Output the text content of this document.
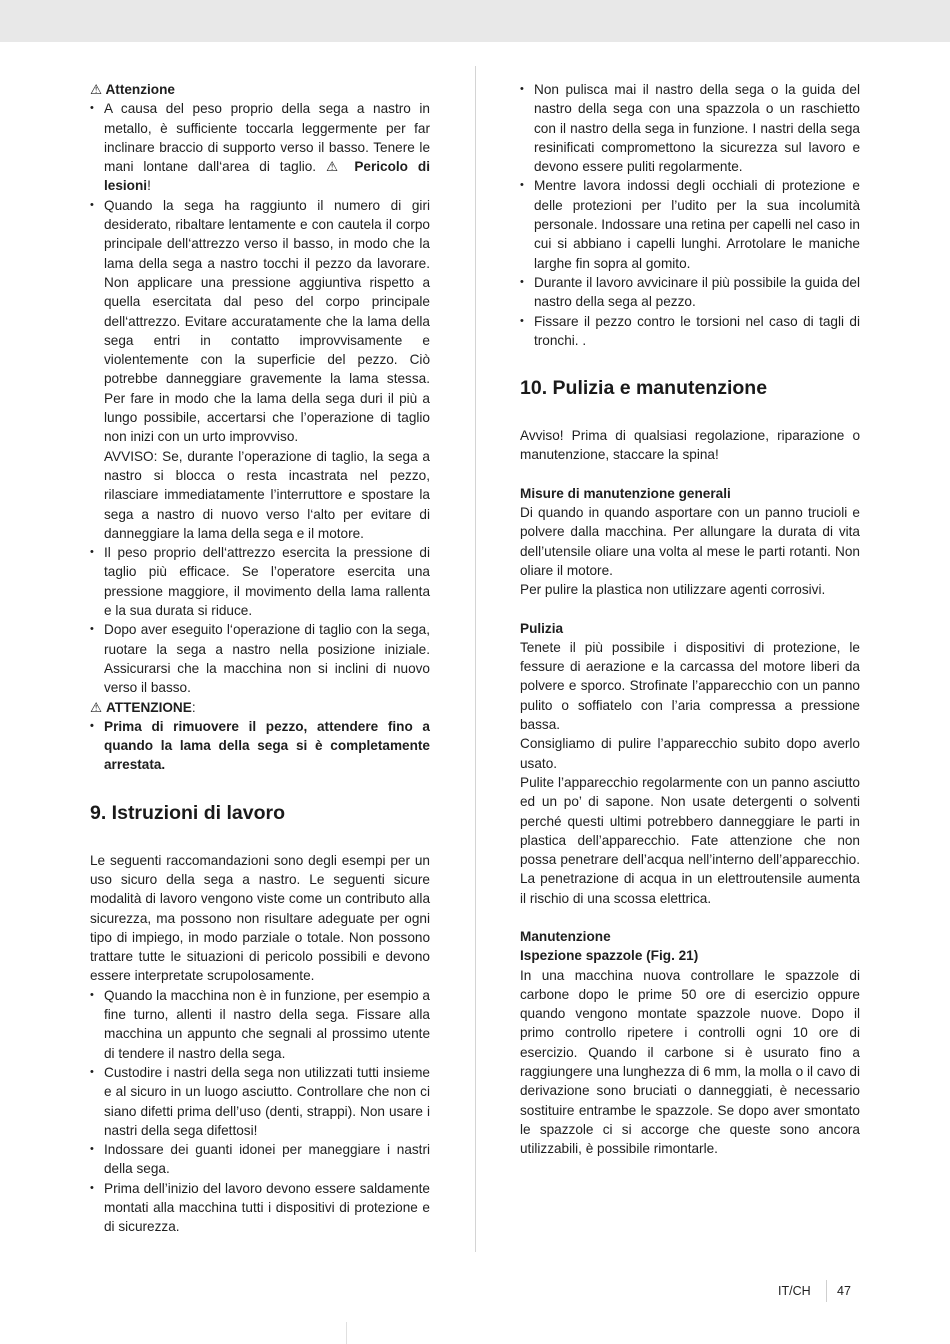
⚠ Attenzione

• A causa del peso proprio della sega a nastro in metallo, è sufficiente toccarla leggermente per far inclinare braccio di supporto verso il basso. Tenere le mani lontane dall‘area di taglio. ⚠ Pericolo di lesioni!
• Quando la sega ha raggiunto il numero di giri desiderato, ribaltare lentamente e con cautela il corpo principale dell‘attrezzo verso il basso, in modo che la lama della sega a nastro tocchi il pezzo da lavorare. Non applicare una pressione aggiuntiva rispetto a quella esercitata dal peso del corpo principale dell‘attrezzo. Evitare accuratamente che la lama della sega entri in contatto improvvisamente e violentemente con la superficie del pezzo. Ciò potrebbe danneggiare gravemente la lama stessa. Per fare in modo che la lama della sega duri il più a lungo possibile, accertarsi che l’operazione di taglio non inizi con un urto improvviso.
AVVISO: Se, durante l’operazione di taglio, la sega a nastro si blocca o resta incastrata nel pezzo, rilasciare immediatamente l’interruttore e spostare la sega a nastro di nuovo verso l‘alto per evitare di danneggiare la lama della sega e il motore.
• Il peso proprio dell‘attrezzo esercita la pressione di taglio più efficace. Se l’operatore esercita una pressione maggiore, il movimento della lama rallenta e la sua durata si riduce.
• Dopo aver eseguito l‘operazione di taglio con la sega, ruotare la sega a nastro nella posizione iniziale. Assicurarsi che la macchina non si inclini di nuovo verso il basso.

⚠ ATTENZIONE:

• Prima di rimuovere il pezzo, attendere fino a quando la lama della sega si è completamente arrestata.
9. Istruzioni di lavoro

Le seguenti raccomandazioni sono degli esempi per un uso sicuro della sega a nastro. Le seguenti sicure modalità di lavoro vengono viste come un contributo alla sicurezza, ma possono non risultare adeguate per ogni tipo di impiego, in modo parziale o totale. Non possono trattare tutte le situazioni di pericolo possibili e devono essere interpretate scrupolosamente.

• Quando la macchina non è in funzione, per esempio a fine turno, allenti il nastro della sega. Fissare alla macchina un appunto che segnali al prossimo utente di tendere il nastro della sega.
• Custodire i nastri della sega non utilizzati tutti insieme e al sicuro in un luogo asciutto. Controllare che non ci siano difetti prima dell’uso (denti, strappi). Non usare i nastri della sega difettosi!
• Indossare dei guanti idonei per maneggiare i nastri della sega.
• Prima dell’inizio del lavoro devono essere saldamente montati alla macchina tutti i dispositivi di protezione e di sicurezza.
• Non pulisca mai il nastro della sega o la guida del nastro della sega con una spazzola o un raschietto con il nastro della sega in funzione. I nastri della sega resinificati compromettono la sicurezza sul lavoro e devono essere puliti regolarmente.
• Mentre lavora indossi degli occhiali di protezione e delle protezioni per l’udito per la sua incolumità personale. Indossare una retina per capelli nel caso in cui si abbiano i capelli lunghi. Arrotolare le maniche larghe fin sopra al gomito.
• Durante il lavoro avvicinare il più possibile la guida del nastro della sega al pezzo.
• Fissare il pezzo contro le torsioni nel caso di tagli di tronchi. .
10. Pulizia e manutenzione

Avviso! Prima di qualsiasi regolazione, riparazione o manutenzione, staccare la spina!

Misure di manutenzione generali

Di quando in quando asportare con un panno trucioli e polvere dalla macchina. Per allungare la durata di vita dell’utensile oliare una volta al mese le parti rotanti. Non oliare il motore.

Per pulire la plastica non utilizzare agenti corrosivi.

Pulizia

Tenete il più possibile i dispositivi di protezione, le fessure di aerazione e la carcassa del motore liberi da polvere e sporco. Strofinate l’apparecchio con un panno pulito o soffiatelo con l’aria compressa a pressione bassa.

Consigliamo di pulire l’apparecchio subito dopo averlo usato.

Pulite l’apparecchio regolarmente con un panno asciutto ed un po’ di sapone. Non usate detergenti o solventi perché questi ultimi potrebbero danneggiare le parti in plastica dell’apparecchio. Fate attenzione che non possa penetrare dell’acqua nell’interno dell’apparecchio. La penetrazione di acqua in un elettroutensile aumenta il rischio di una scossa elettrica.

Manutenzione

Ispezione spazzole (Fig. 21)

In una macchina nuova controllare le spazzole di carbone dopo le prime 50 ore di esercizio oppure quando vengono montate spazzole nuove. Dopo il primo controllo ripetere i controlli ogni 10 ore di esercizio. Quando il carbone si è usurato fino a raggiungere una lunghezza di 6 mm, la molla o il cavo di derivazione sono bruciati o danneggiati, è necessario sostituire entrambe le spazzole. Se dopo aver smontato le spazzole ci si accorge che queste sono ancora utilizzabili, è possibile rimontarle.

IT/CH 47
